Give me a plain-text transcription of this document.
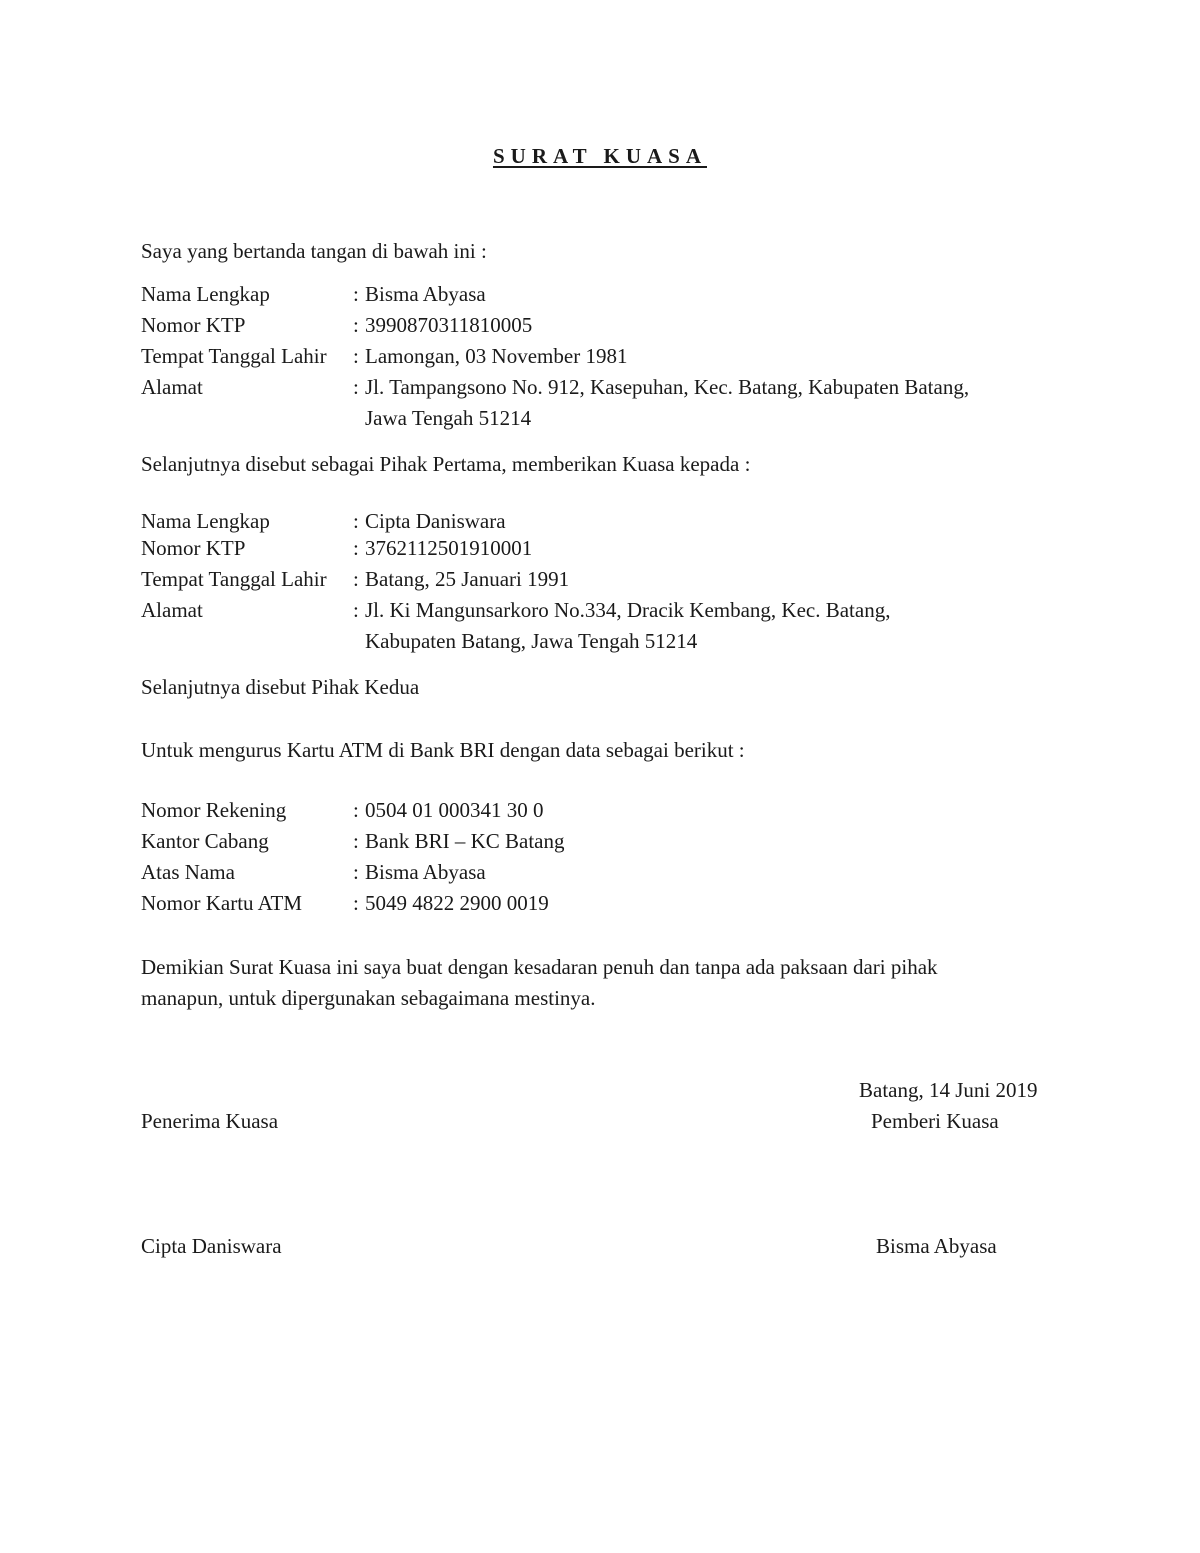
SURAT KUASA
Saya yang bertanda tangan di bawah ini :
Nama Lengkap	: Bisma Abyasa
Nomor KTP	: 3990870311810005
Tempat Tanggal Lahir : Lamongan, 03 November 1981
Alamat	: Jl. Tampangsono No. 912, Kasepuhan, Kec. Batang, Kabupaten Batang,
Jawa Tengah 51214
Selanjutnya disebut sebagai Pihak Pertama, memberikan Kuasa kepada :
Nama Lengkap	: Cipta Daniswara
Nomor KTP	: 3762112501910001
Tempat Tanggal Lahir : Batang, 25 Januari 1991
Alamat	: Jl. Ki Mangunsarkoro No.334, Dracik Kembang, Kec. Batang,
Kabupaten Batang, Jawa Tengah 51214
Selanjutnya disebut Pihak Kedua
Untuk mengurus Kartu ATM di Bank BRI dengan data sebagai berikut :
Nomor Rekening	: 0504 01 000341 30 0
Kantor Cabang	: Bank BRI – KC Batang
Atas Nama	: Bisma Abyasa
Nomor Kartu ATM : 5049 4822 2900 0019
Demikian Surat Kuasa ini saya buat dengan kesadaran penuh dan tanpa ada paksaan dari pihak
manapun, untuk dipergunakan sebagaimana mestinya.
Batang, 14 Juni 2019
Penerima Kuasa	Pemberi Kuasa
Cipta Daniswara	Bisma Abyasa
